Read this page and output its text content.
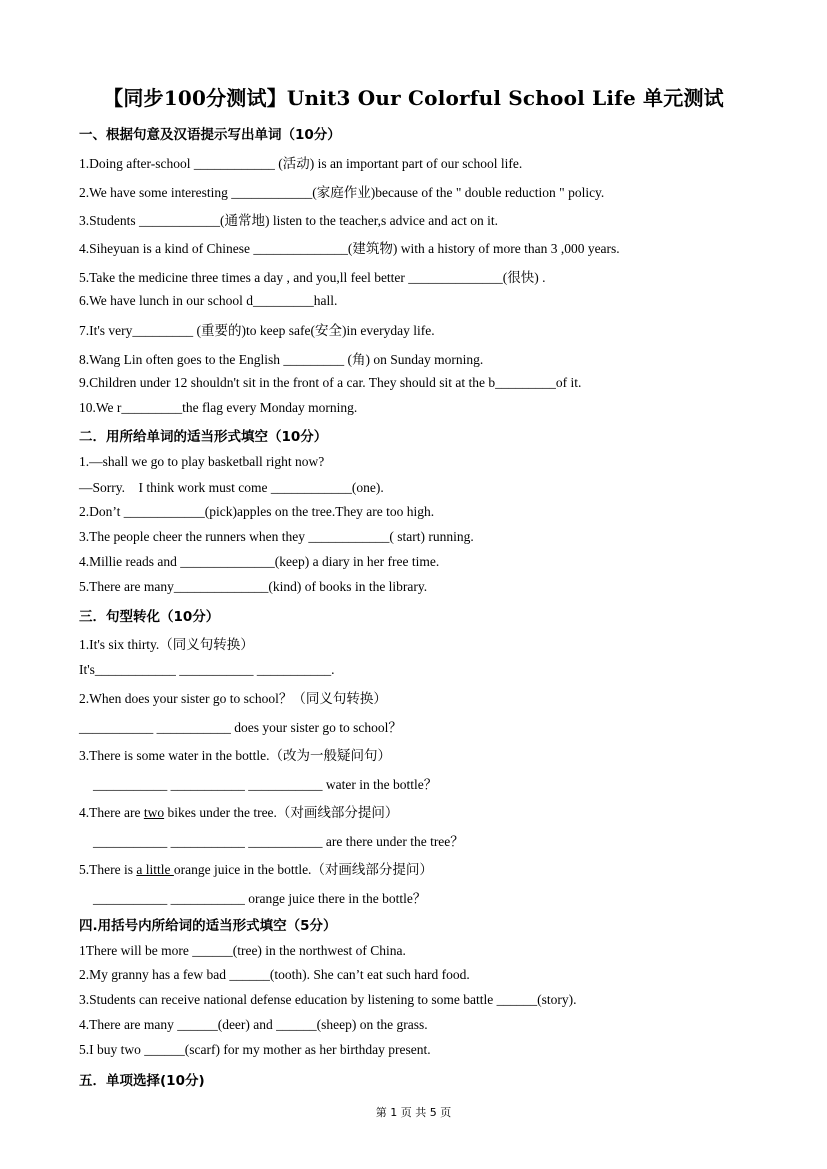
【同步100分测试】Unit3 Our Colorful School Life 单元测试
一、根据句意及汉语提示写出单词（10分）
1.Doing after-school ____________ (活动) is an important part of our school life.
2.We have some interesting ____________(家庭作业)because of the " double reduction " policy.
3.Students ____________(通常地) listen to the teacher,s advice and act on it.
4.Siheyuan is a kind of Chinese ______________(建筑物) with a history of more than 3 ,000 years.
5.Take the medicine three times a day , and you,ll feel better ______________(很快) .
6.We have lunch in our school d_________hall.
7.It's very_________ (重要的)to keep safe(安全)in everyday life.
8.Wang Lin often goes to the English _________ (角) on Sunday morning.
9.Children under 12 shouldn't sit in the front of a car. They should sit at the b_________of it.
10.We r_________the flag every Monday morning.
二．用所给单词的适当形式填空（10分）
1.—shall we go to play basketball right now?
—Sorry.    I think work must come ____________(one).
2.Don’t ____________(pick)apples on the tree.They are too high.
3.The people cheer the runners when they ____________( start) running.
4.Millie reads and ______________(keep) a diary in her free time.
5.There are many______________(kind) of books in the library.
三．句型转化（10分）
1.It's six thirty.（同义句转换）
It's____________ ___________ ___________.
2.When does your sister go to school？（同义句转换）
___________ ___________ does your sister go to school？
3.There is some water in the bottle.（改为一般疑问句）
___________ ___________ ___________ water in the bottle？
4.There are two bikes under the tree.（对画线部分提问）
___________ ___________ ___________ are there under the tree？
5.There is a little orange juice in the bottle.（对画线部分提问）
___________ ___________ orange juice there in the bottle？
四.用括号内所给词的适当形式填空（5分）
1There will be more ______(tree) in the northwest of China.
2.My granny has a few bad ______(tooth). She can’t eat such hard food.
3.Students can receive national defense education by listening to some battle ______(story).
4.There are many ______(deer) and ______(sheep) on the grass.
5.I buy two ______(scarf) for my mother as her birthday present.
五．单项选择(10分)
第 1 页 共 5 页
